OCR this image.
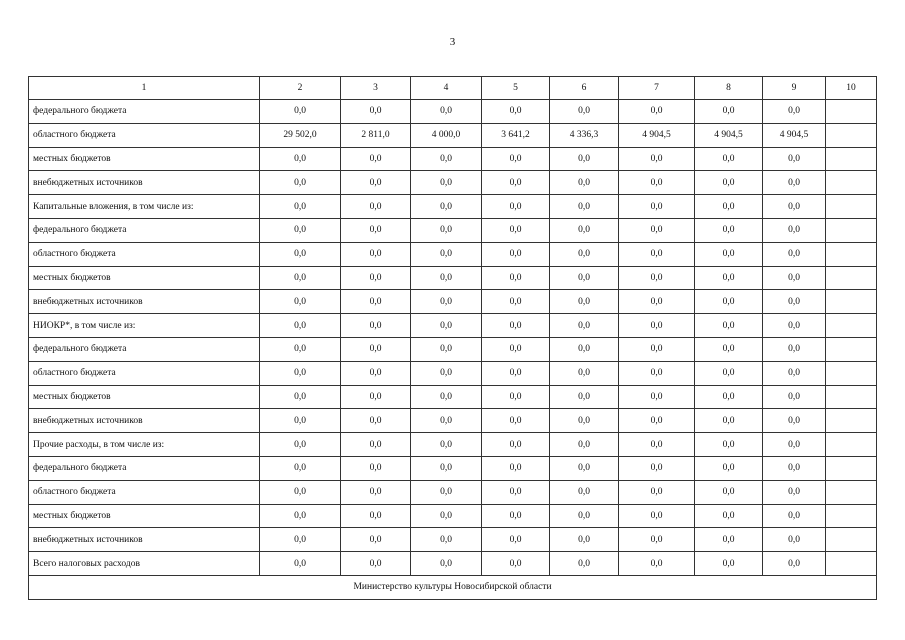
3
1	2	3	4	5	6	7	8	9	10
федерального бюджета	0,0	0,0	0,0	0,0	0,0	0,0	0,0	0,0	
областного бюджета	29 502,0	2 811,0	4 000,0	3 641,2	4 336,3	4 904,5	4 904,5	4 904,5	
местных бюджетов	0,0	0,0	0,0	0,0	0,0	0,0	0,0	0,0	
внебюджетных источников	0,0	0,0	0,0	0,0	0,0	0,0	0,0	0,0	
Капитальные вложения, в том числе из:	0,0	0,0	0,0	0,0	0,0	0,0	0,0	0,0	
федерального бюджета	0,0	0,0	0,0	0,0	0,0	0,0	0,0	0,0	
областного бюджета	0,0	0,0	0,0	0,0	0,0	0,0	0,0	0,0	
местных бюджетов	0,0	0,0	0,0	0,0	0,0	0,0	0,0	0,0	
внебюджетных источников	0,0	0,0	0,0	0,0	0,0	0,0	0,0	0,0	
НИОКР*, в том числе из:	0,0	0,0	0,0	0,0	0,0	0,0	0,0	0,0	
федерального бюджета	0,0	0,0	0,0	0,0	0,0	0,0	0,0	0,0	
областного бюджета	0,0	0,0	0,0	0,0	0,0	0,0	0,0	0,0	
местных бюджетов	0,0	0,0	0,0	0,0	0,0	0,0	0,0	0,0	
внебюджетных источников	0,0	0,0	0,0	0,0	0,0	0,0	0,0	0,0	
Прочие расходы, в том числе из:	0,0	0,0	0,0	0,0	0,0	0,0	0,0	0,0	
федерального бюджета	0,0	0,0	0,0	0,0	0,0	0,0	0,0	0,0	
областного бюджета	0,0	0,0	0,0	0,0	0,0	0,0	0,0	0,0	
местных бюджетов	0,0	0,0	0,0	0,0	0,0	0,0	0,0	0,0	
внебюджетных источников	0,0	0,0	0,0	0,0	0,0	0,0	0,0	0,0	
Всего налоговых расходов	0,0	0,0	0,0	0,0	0,0	0,0	0,0	0,0	
Министерство культуры Новосибирской области									
